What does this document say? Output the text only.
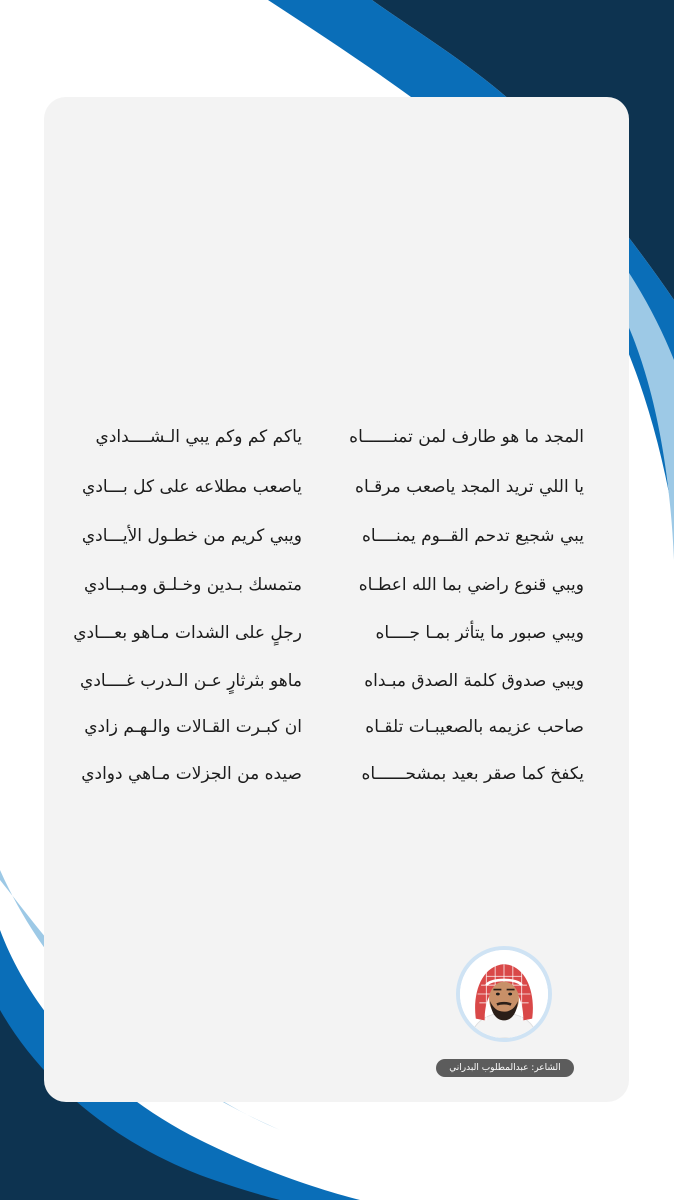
المجد ما هو طارف لمن تمنــــــاه
يا اللي تريد المجد ياصعب مرقـاه
يبي شجيع تدحم القــوم يمنــــاه
ويبي قنوع راضي بما الله اعطـاه
ويبي صبور ما يتأثر بمـا جــــاه
ويبي صدوق كلمة الصدق مبـداه
صاحب عزيمه بالصعيبـات تلقـاه
يكفخ كما صقر بعيد بمشحــــــاه
ياكم كم وكم يبي الـشــــدادي
ياصعب مطلاعه على كل بـــادي
ويبي كريم من خطـول الأيـــادي
متمسك بـدين وخـلـق ومـبــادي
رجلٍ على الشدات مـاهو بعـــادي
ماهو بثرثارٍ عـن الـدرب غــــادي
ان كبـرت القـالات والـهـم زادي
صيده من الجزلات مـاهي دوادي
الشاعر: عبدالمطلوب البدراني
